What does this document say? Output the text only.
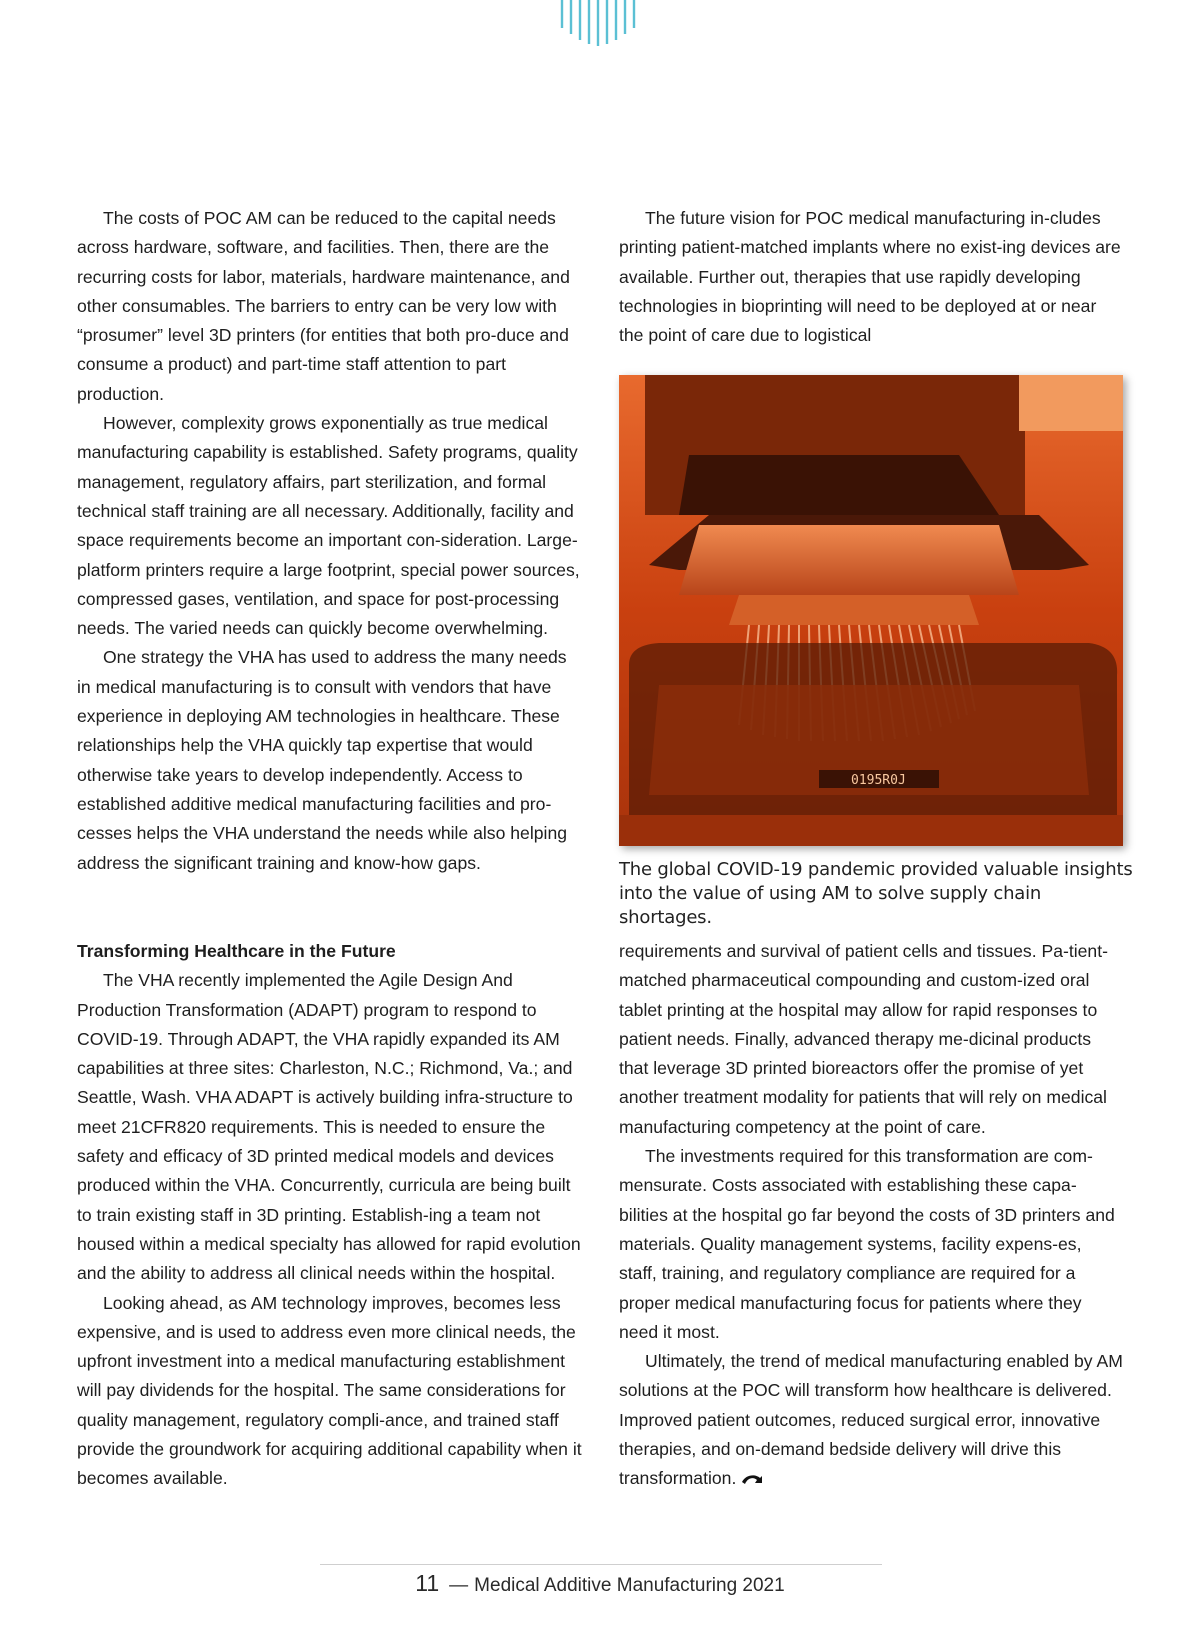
The costs of POC AM can be reduced to the capital needs across hardware, software, and facilities. Then, there are the recurring costs for labor, materials, hardware maintenance, and other consumables. The barriers to entry can be very low with “prosumer” level 3D printers (for entities that both pro-duce and consume a product) and part-time staff attention to part production.

However, complexity grows exponentially as true medical manufacturing capability is established. Safety programs, quality management, regulatory affairs, part sterilization, and formal technical staff training are all necessary. Additionally, facility and space requirements become an important con-sideration. Large-platform printers require a large footprint, special power sources, compressed gases, ventilation, and space for post-processing needs. The varied needs can quickly become overwhelming.

One strategy the VHA has used to address the many needs in medical manufacturing is to consult with vendors that have experience in deploying AM technologies in healthcare. These relationships help the VHA quickly tap expertise that would otherwise take years to develop independently. Access to established additive medical manufacturing facilities and pro-cesses helps the VHA understand the needs while also helping address the significant training and know-how gaps.

Transforming Healthcare in the Future

The VHA recently implemented the Agile Design And Production Transformation (ADAPT) program to respond to COVID-19. Through ADAPT, the VHA rapidly expanded its AM capabilities at three sites: Charleston, N.C.; Richmond, Va.; and Seattle, Wash. VHA ADAPT is actively building infra-structure to meet 21CFR820 requirements. This is needed to ensure the safety and efficacy of 3D printed medical models and devices produced within the VHA. Concurrently, curricula are being built to train existing staff in 3D printing. Establish-ing a team not housed within a medical specialty has allowed for rapid evolution and the ability to address all clinical needs within the hospital.

Looking ahead, as AM technology improves, becomes less expensive, and is used to address even more clinical needs, the upfront investment into a medical manufacturing establishment will pay dividends for the hospital. The same considerations for quality management, regulatory compli-ance, and trained staff provide the groundwork for acquiring additional capability when it becomes available.

The future vision for POC medical manufacturing in-cludes printing patient-matched implants where no exist-ing devices are available. Further out, therapies that use rapidly developing technologies in bioprinting will need to be deployed at or near the point of care due to logistical

0195R0J
The global COVID-19 pandemic provided valuable insights into the value of using AM to solve supply chain shortages.

requirements and survival of patient cells and tissues. Pa-tient-matched pharmaceutical compounding and custom-ized oral tablet printing at the hospital may allow for rapid responses to patient needs. Finally, advanced therapy me-dicinal products that leverage 3D printed bioreactors offer the promise of yet another treatment modality for patients that will rely on medical manufacturing competency at the point of care.

The investments required for this transformation are com-mensurate. Costs associated with establishing these capa-bilities at the hospital go far beyond the costs of 3D printers and materials. Quality management systems, facility expens-es, staff, training, and regulatory compliance are required for a proper medical manufacturing focus for patients where they need it most.

Ultimately, the trend of medical manufacturing enabled by AM solutions at the POC will transform how healthcare is delivered. Improved patient outcomes, reduced surgical error, innovative therapies, and on-demand bedside delivery will drive this transformation.

11 — Medical Additive Manufacturing 2021
